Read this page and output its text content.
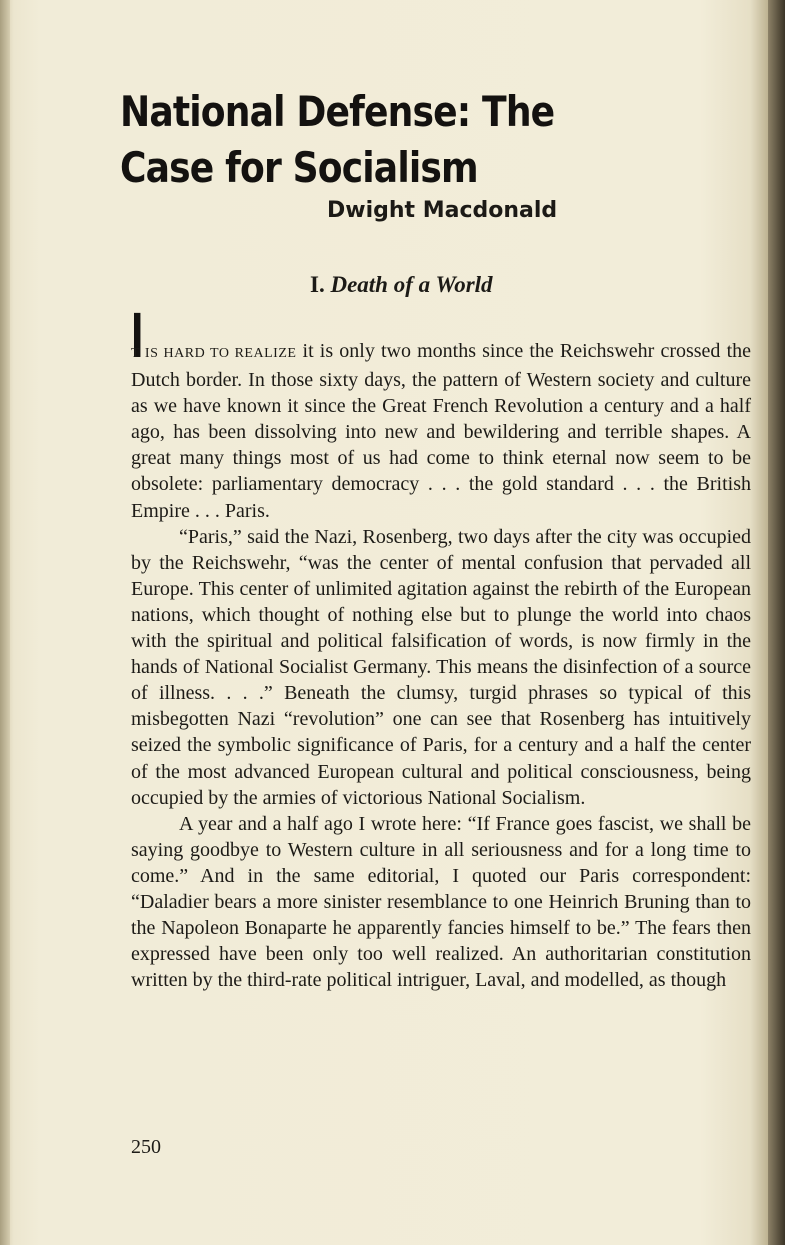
National Defense: The Case for Socialism
Dwight Macdonald
I. Death of a World
I

T IS HARD TO REALIZE it is only two months since the Reichswehr crossed the Dutch border. In those sixty days, the pattern of Western society and culture as we have known it since the Great French Revolution a century and a half ago, has been dissolving into new and bewildering and terrible shapes. A great many things most of us had come to think eternal now seem to be obsolete: parliamentary democracy . . . the gold standard . . . the British Empire . . . Paris.

“Paris,” said the Nazi, Rosenberg, two days after the city was occupied by the Reichswehr, “was the center of mental confusion that pervaded all Europe. This center of unlimited agitation against the rebirth of the European nations, which thought of nothing else but to plunge the world into chaos with the spiritual and political falsification of words, is now firmly in the hands of National Socialist Germany. This means the disinfection of a source of illness. . . .” Beneath the clumsy, turgid phrases so typical of this misbegotten Nazi “revolution” one can see that Rosenberg has intuitively seized the symbolic significance of Paris, for a century and a half the center of the most advanced European cultural and political consciousness, being occupied by the armies of victorious National Socialism.

A year and a half ago I wrote here: “If France goes fascist, we shall be saying goodbye to Western culture in all seriousness and for a long time to come.” And in the same editorial, I quoted our Paris correspondent: “Daladier bears a more sinister resemblance to one Heinrich Bruning than to the Napoleon Bonaparte he apparently fancies himself to be.” The fears then expressed have been only too well realized. An authoritarian constitution written by the third-rate political intriguer, Laval, and modelled, as though

250
